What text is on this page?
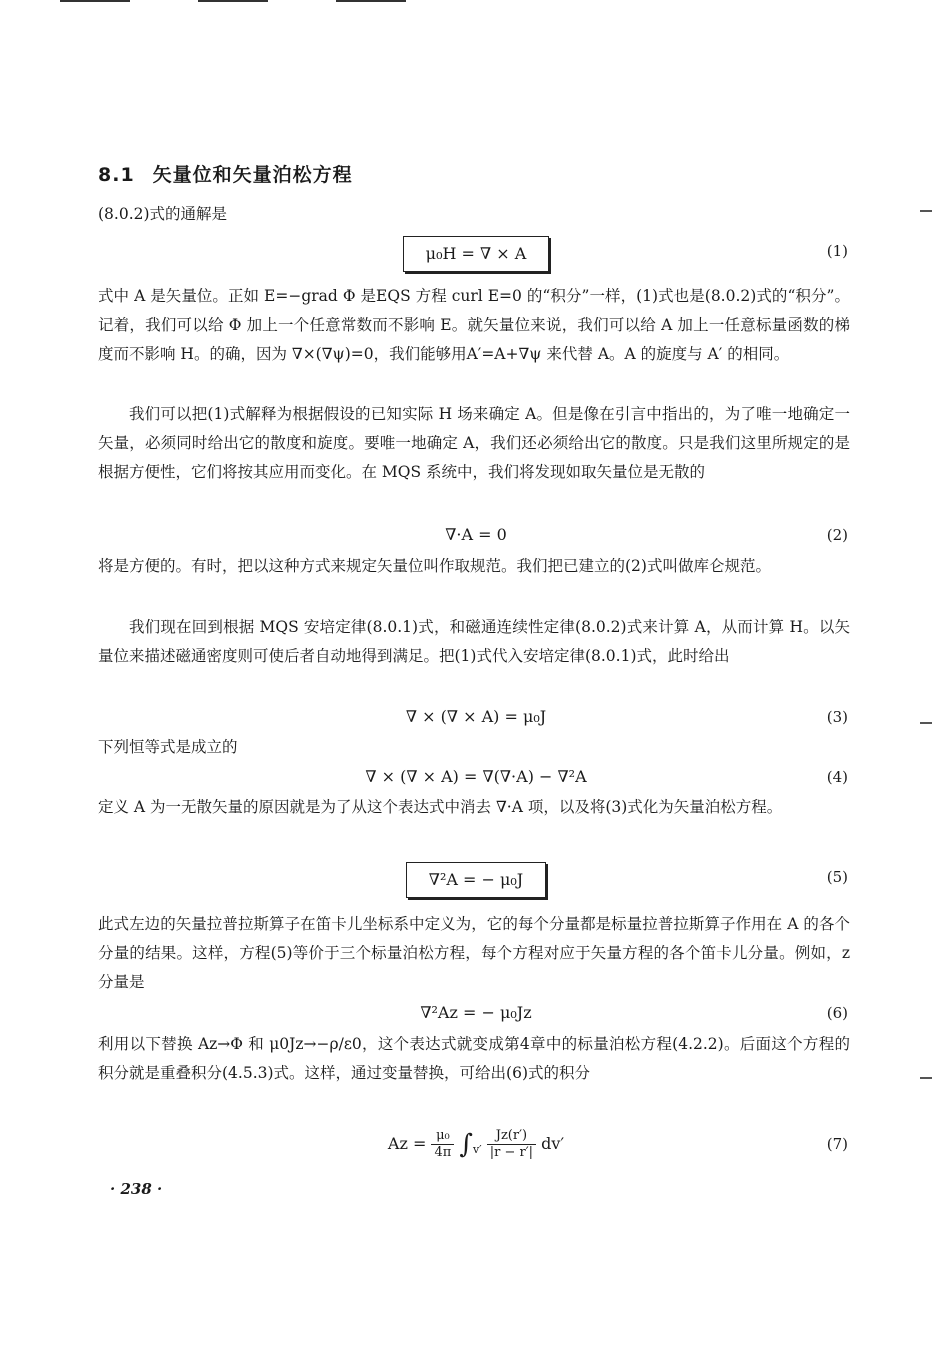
8.1 矢量位和矢量泊松方程
(8.0.2)式的通解是
μ₀H = ∇ × A	(1)
式中 A 是矢量位。正如 E=−grad Φ 是EQS 方程 curl E=0 的“积分”一样，(1)式也是(8.0.2)式的“积分”。记着，我们可以给 Φ 加上一个任意常数而不影响 E。就矢量位来说，我们可以给 A 加上一任意标量函数的梯度而不影响 H。的确，因为 ∇×(∇ψ)=0，我们能够用A′=A+∇ψ 来代替 A。A 的旋度与 A′ 的相同。
我们可以把(1)式解释为根据假设的已知实际 H 场来确定 A。但是像在引言中指出的，为了唯一地确定一矢量，必须同时给出它的散度和旋度。要唯一地确定 A，我们还必须给出它的散度。只是我们这里所规定的是根据方便性，它们将按其应用而变化。在 MQS 系统中，我们将发现如取矢量位是无散的
∇·A = 0	(2)
将是方便的。有时，把以这种方式来规定矢量位叫作取规范。我们把已建立的(2)式叫做库仑规范。
我们现在回到根据 MQS 安培定律(8.0.1)式，和磁通连续性定律(8.0.2)式来计算 A，从而计算 H。以矢量位来描述磁通密度则可使后者自动地得到满足。把(1)式代入安培定律(8.0.1)式，此时给出
∇ × (∇ × A) = μ₀J	(3)
下列恒等式是成立的
∇ × (∇ × A) = ∇(∇·A) − ∇²A	(4)
定义 A 为一无散矢量的原因就是为了从这个表达式中消去 ∇·A 项，以及将(3)式化为矢量泊松方程。
∇²A = − μ₀J	(5)
此式左边的矢量拉普拉斯算子在笛卡儿坐标系中定义为，它的每个分量都是标量拉普拉斯算子作用在 A 的各个分量的结果。这样，方程(5)等价于三个标量泊松方程，每个方程对应于矢量方程的各个笛卡儿分量。例如，z 分量是
∇²Az = − μ₀Jz	(6)
利用以下替换 Az→Φ 和 μ0Jz→−ρ/ε0，这个表达式就变成第4章中的标量泊松方程(4.2.2)。后面这个方程的积分就是重叠积分(4.5.3)式。这样，通过变量替换，可给出(6)式的积分
$Az = \frac{\text{μ₀}}{4\pi} \int_{v'} \frac{Jz(r')}{|r - r'|} dv'$	(7)
· 238 ·
